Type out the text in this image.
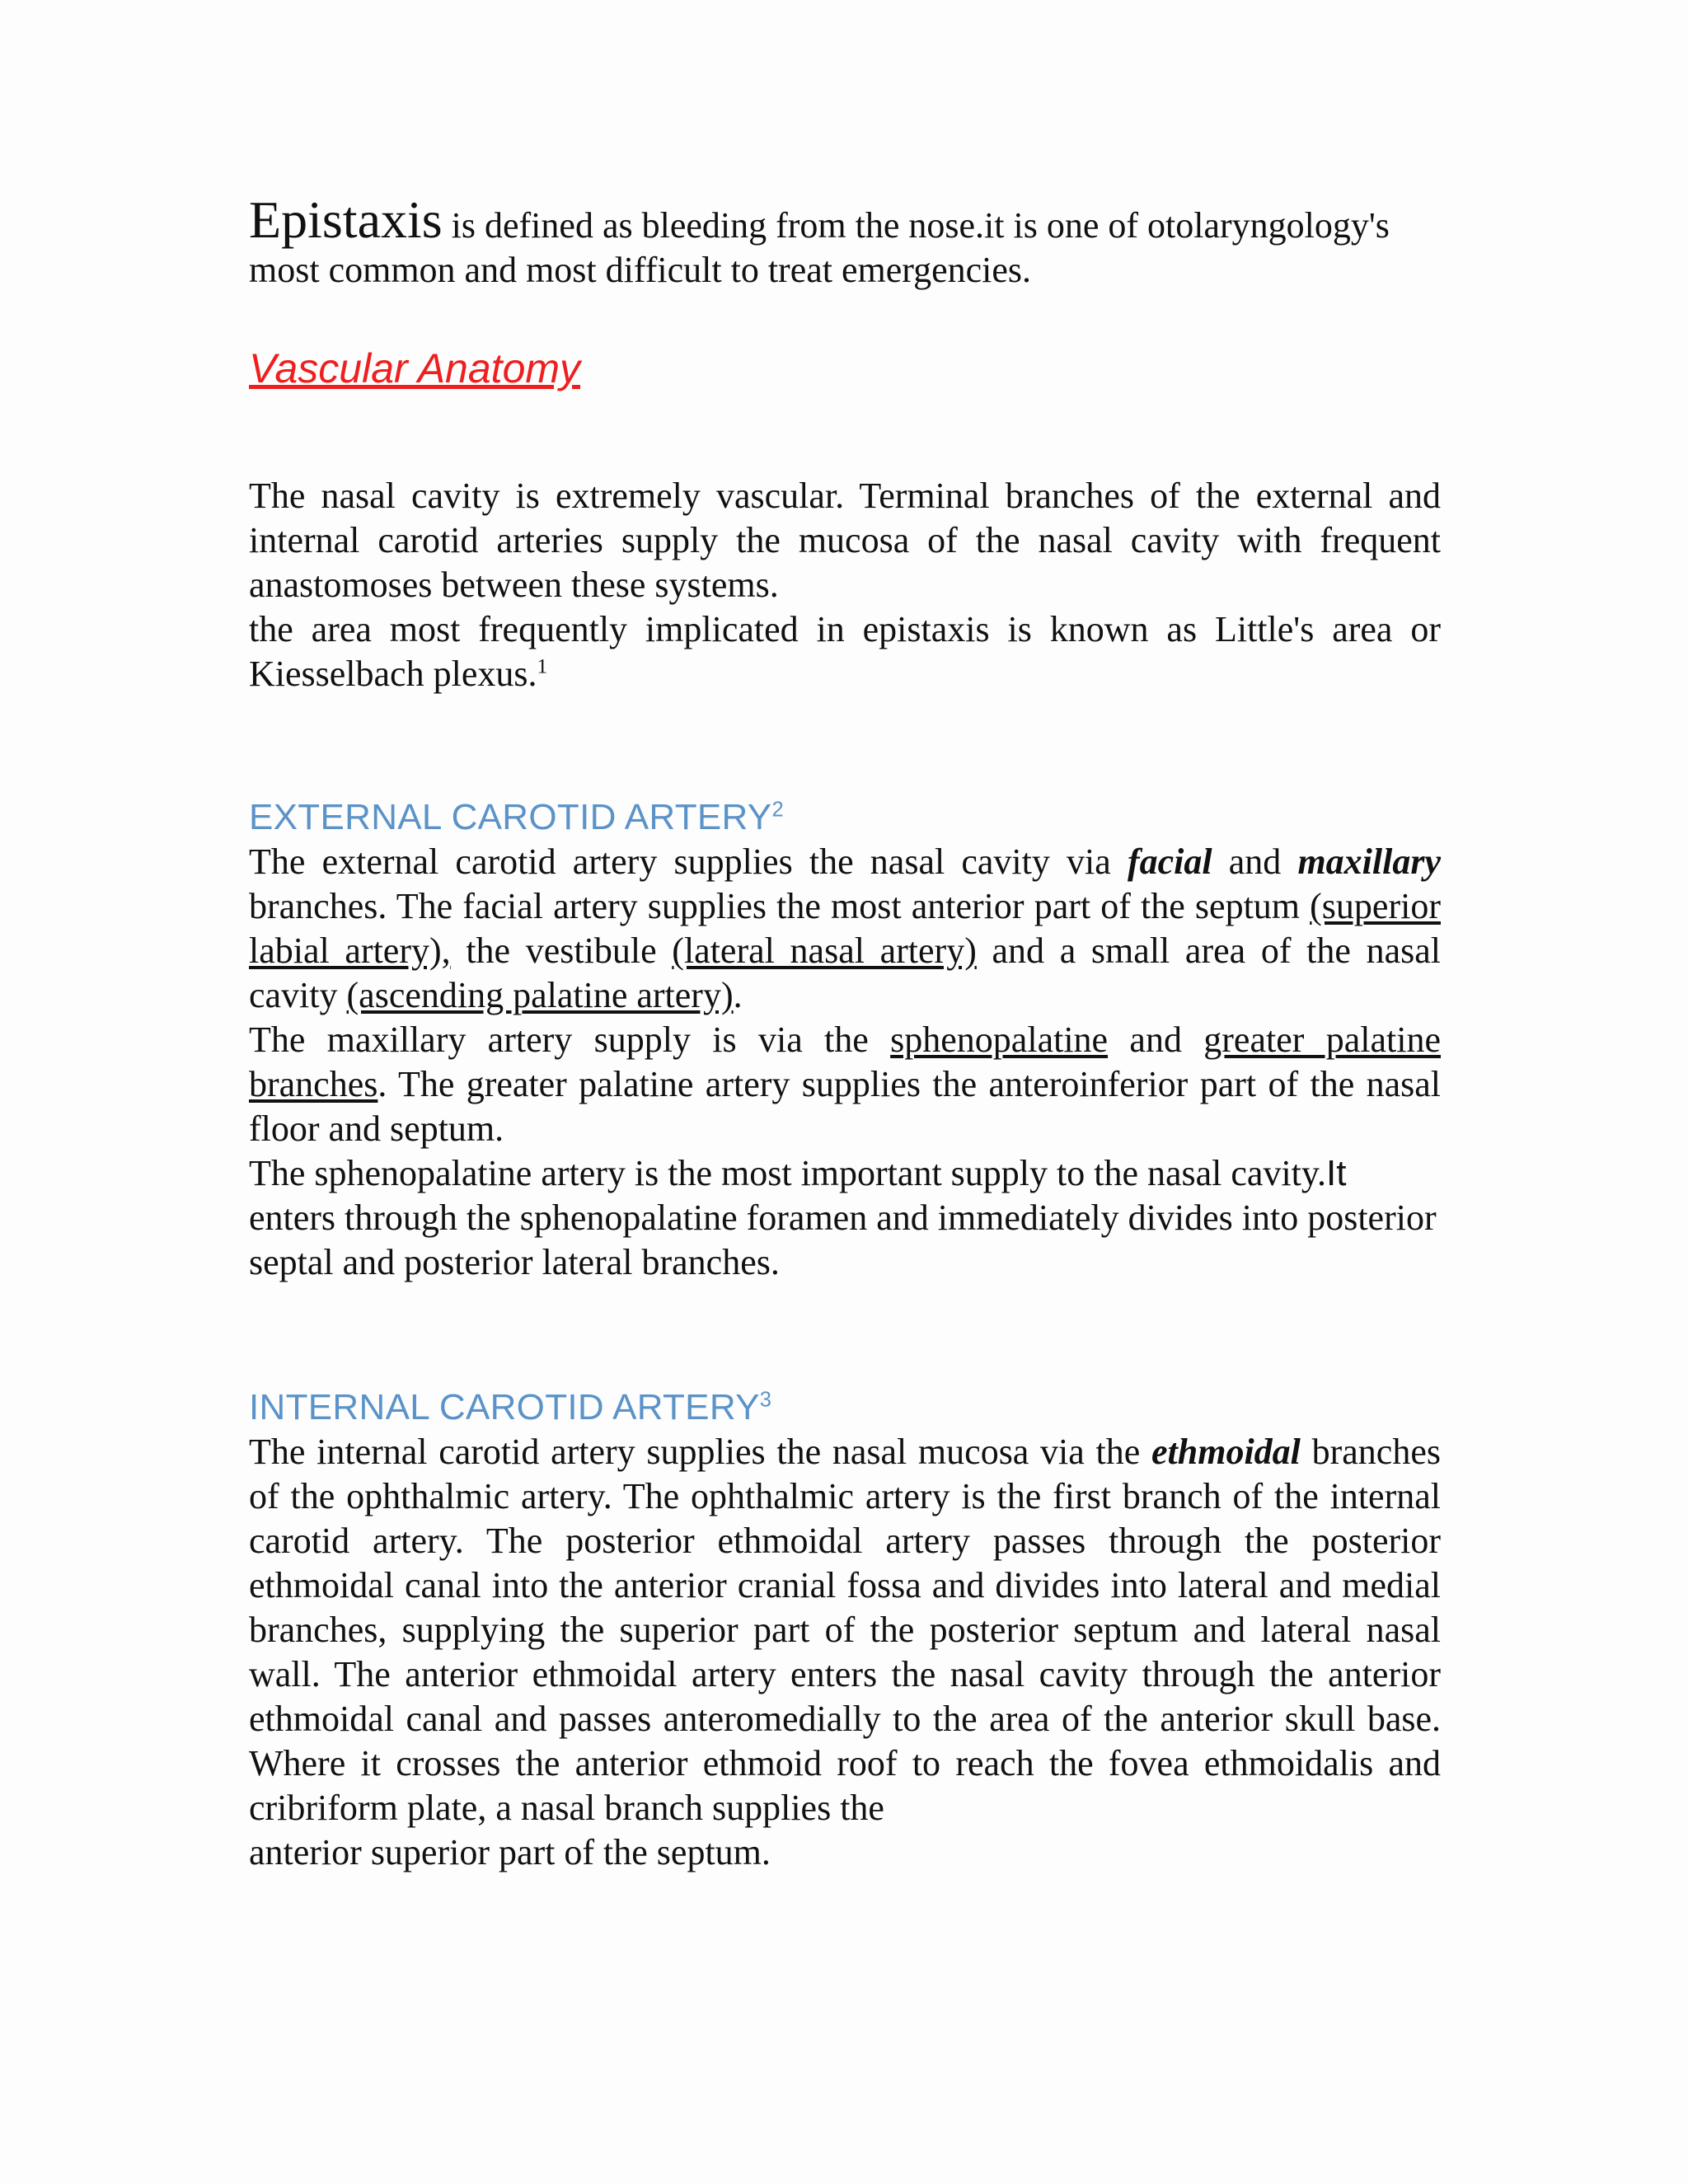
Epistaxis is defined as bleeding from the nose.it is one of otolaryngology's
most common and most difficult to treat emergencies.

Vascular Anatomy

The nasal cavity is extremely vascular. Terminal branches of the external and internal carotid arteries supply the mucosa of the nasal cavity with frequent anastomoses between these systems.

the area most frequently implicated in epistaxis is known as Little's area or Kiesselbach plexus.$^1$

EXTERNAL CAROTID ARTERY$^2$

The external carotid artery supplies the nasal cavity via facial and maxillary branches. The facial artery supplies the most anterior part of the septum (superior labial artery), the vestibule (lateral nasal artery) and a small area of the nasal cavity (ascending palatine artery).

The maxillary artery supply is via the sphenopalatine and greater palatine branches. The greater palatine artery supplies the anteroinferior part of the nasal floor and septum.

The sphenopalatine artery is the most important supply to the nasal cavity.It enters through the sphenopalatine foramen and immediately divides into posterior septal and posterior lateral branches.

INTERNAL CAROTID ARTERY$^3$

The internal carotid artery supplies the nasal mucosa via the ethmoidal branches of the ophthalmic artery. The ophthalmic artery is the first branch of the internal carotid artery. The posterior ethmoidal artery passes through the posterior ethmoidal canal into the anterior cranial fossa and divides into lateral and medial branches, supplying the superior part of the posterior septum and lateral nasal wall. The anterior ethmoidal artery enters the nasal cavity through the anterior ethmoidal canal and passes anteromedially to the area of the anterior skull base. Where it crosses the anterior ethmoid roof to reach the fovea ethmoidalis and cribriform plate, a nasal branch supplies the
anterior superior part of the septum.
